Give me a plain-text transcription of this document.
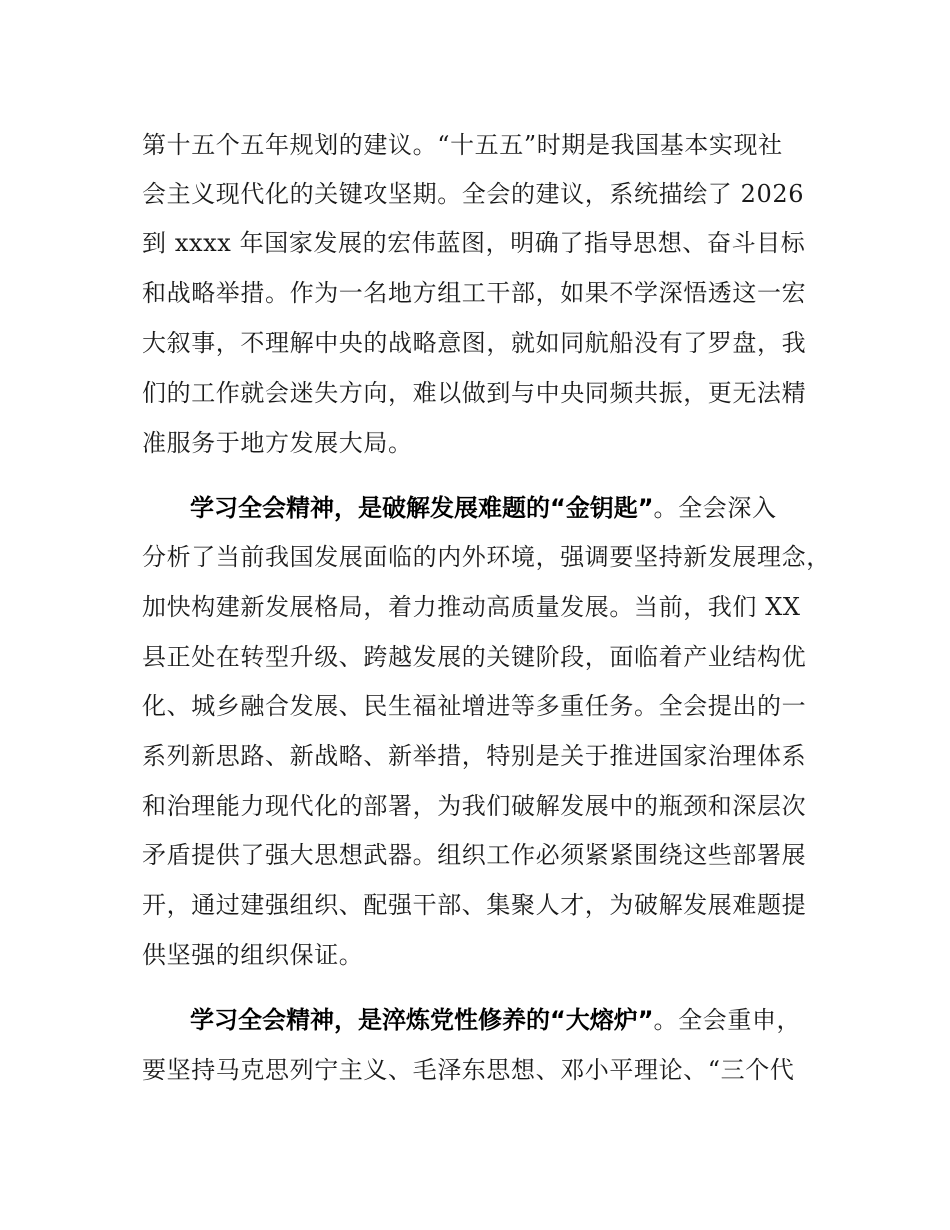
第十五个五年规划的建议。“十五五”时期是我国基本实现社
会主义现代化的关键攻坚期。全会的建议，系统描绘了 2026
到 xxxx 年国家发展的宏伟蓝图，明确了指导思想、奋斗目标
和战略举措。作为一名地方组工干部，如果不学深悟透这一宏
大叙事，不理解中央的战略意图，就如同航船没有了罗盘，我
们的工作就会迷失方向，难以做到与中央同频共振，更无法精
准服务于地方发展大局。
学习全会精神，是破解发展难题的“金钥匙”。全会深入
分析了当前我国发展面临的内外环境，强调要坚持新发展理念，
加快构建新发展格局，着力推动高质量发展。当前，我们 XX
县正处在转型升级、跨越发展的关键阶段，面临着产业结构优
化、城乡融合发展、民生福祉增进等多重任务。全会提出的一
系列新思路、新战略、新举措，特别是关于推进国家治理体系
和治理能力现代化的部署，为我们破解发展中的瓶颈和深层次
矛盾提供了强大思想武器。组织工作必须紧紧围绕这些部署展
开，通过建强组织、配强干部、集聚人才，为破解发展难题提
供坚强的组织保证。
学习全会精神，是淬炼党性修养的“大熔炉”。全会重申，
要坚持马克思列宁主义、毛泽东思想、邓小平理论、“三个代
